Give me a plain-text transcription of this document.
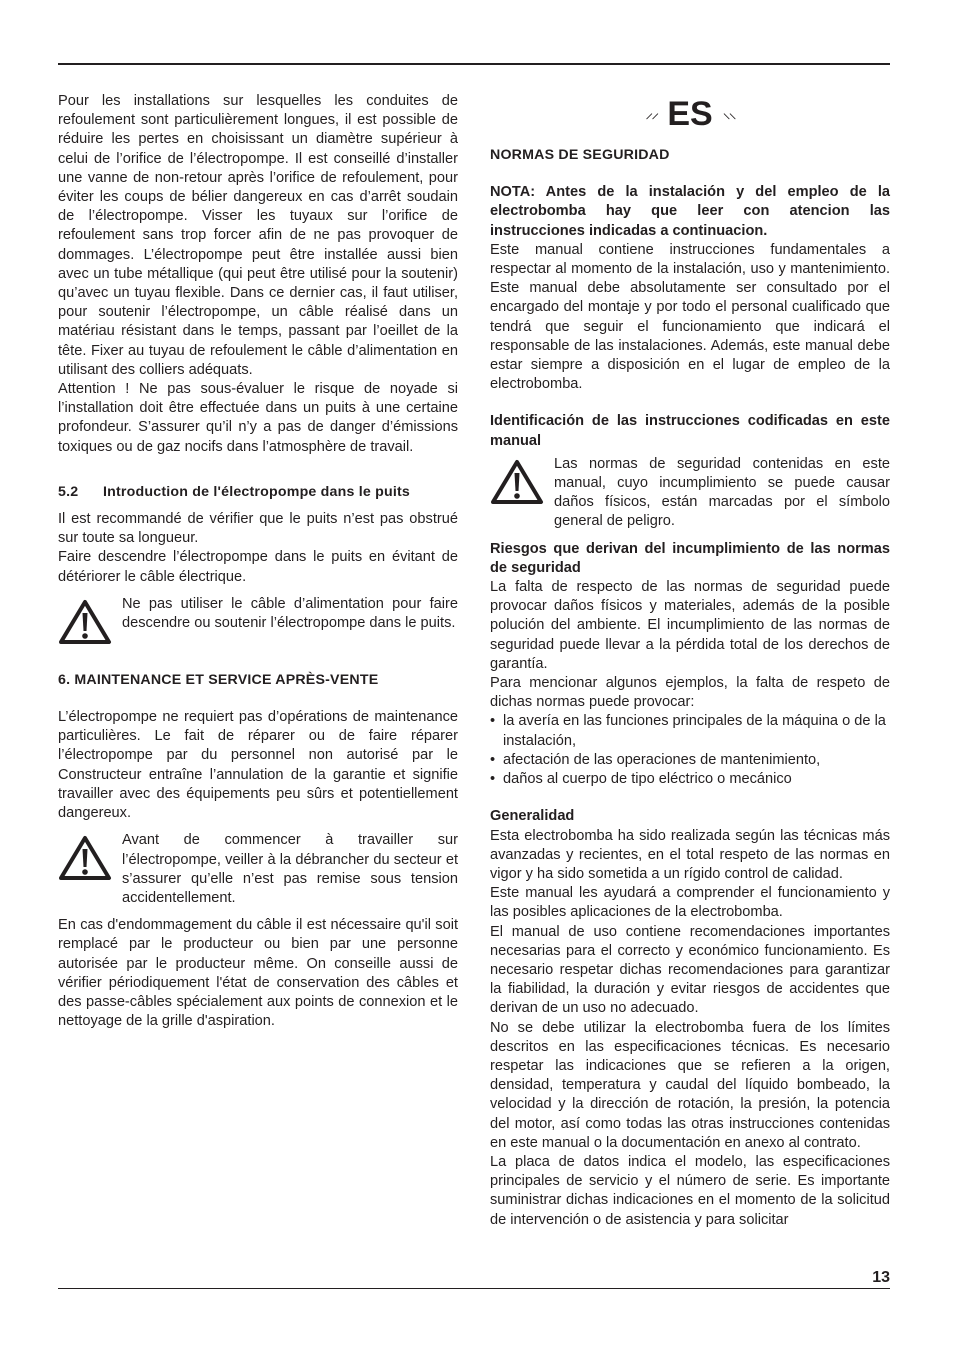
Pour les installations sur lesquelles les conduites de refoulement sont particulièrement longues, il est possible de réduire les pertes en choisissant un diamètre supérieur à celui de l’orifice de l’électropompe. Il est conseillé d’installer une vanne de non-retour après l’orifice de refoulement, pour éviter les coups de bélier dangereux en cas d’arrêt soudain de l’électropompe. Visser les tuyaux sur l’orifice de refoulement sans trop forcer afin de ne pas provoquer de dommages. L’électropompe peut être installée aussi bien avec un tube métallique (qui peut être utilisé pour la soutenir) qu’avec un tuyau flexible. Dans ce dernier cas, il faut utiliser, pour soutenir l’électropompe, un câble réalisé dans un matériau résistant dans le temps, passant par l’oeillet de la tête. Fixer au tuyau de refoulement le câble d’alimentation en utilisant des colliers adéquats.

Attention ! Ne pas sous-évaluer le risque de noyade si l’installation doit être effectuée dans un puits à une certaine profondeur. S’assurer qu’il n’y a pas de danger d’émissions toxiques ou de gaz nocifs dans l’atmosphère de travail.

5.2	Introduction de l'électropompe dans le puits

Il est recommandé de vérifier que le puits n’est pas obstrué sur toute sa longueur.

Faire descendre l’électropompe dans le puits en évitant de détériorer le câble électrique.

Ne pas utiliser le câble d’alimentation pour faire descendre ou soutenir l’électropompe dans le puits.

6. MAINTENANCE ET SERVICE APRÈS-VENTE

L’électropompe ne requiert pas d’opérations de maintenance particulières. Le fait de réparer ou de faire réparer l’électropompe par du personnel non autorisé par le Constructeur entraîne l’annulation de la garantie et signifie travailler avec des équipements peu sûrs et potentiellement dangereux.

Avant de commencer à travailler sur l’électropompe, veiller à la débrancher du secteur et s’assurer qu’elle n’est pas remise sous tension accidentellement.

En cas d'endommagement du câble il est nécessaire qu'il soit remplacé par le producteur ou bien par une personne autorisée par le producteur même. On conseille aussi de vérifier périodiquement l'état de conservation des câbles et des passe-câbles spécialement aux points de connexion et le nettoyage de la grille d'aspiration.

⸝⸝ ES ⸜⸜

NORMAS DE SEGURIDAD

NOTA: Antes de la instalación y del empleo de la electrobomba hay que leer con atencion las instrucciones indicadas a continuacion.

Este manual contiene instrucciones fundamentales a respectar al momento de la instalación, uso y mantenimiento. Este manual debe absolutamente ser consultado por el encargado del montaje y por todo el personal cualificado que tendrá que seguir el funcionamiento que indicará el responsable de las instalaciones. Además, este manual debe estar siempre a disposición en el lugar de empleo de la electrobomba.

Identificación de las instrucciones codificadas en este manual

Las normas de seguridad contenidas en este manual, cuyo incumplimiento se puede causar daños físicos, están marcadas por el símbolo general de peligro.

Riesgos que derivan del incumplimiento de las normas de seguridad

La falta de respecto de las normas de seguridad puede provocar daños físicos y materiales, además de la posible polución del ambiente. El incumplimiento de las normas de seguridad puede llevar a la pérdida total de los derechos de garantía.

Para mencionar algunos ejemplos, la falta de respeto de dichas normas puede provocar:

• la avería en las funciones principales de la máquina o de la instalación,
• afectación de las operaciones de mantenimiento,
• daños al cuerpo de tipo eléctrico o mecánico

Generalidad

Esta electrobomba ha sido realizada según las técnicas más avanzadas y recientes, en el total respeto de las normas en vigor y ha sido sometida a un rígido control de calidad.

Este manual les ayudará a comprender el funcionamiento y las posibles aplicaciones de la electrobomba.

El manual de uso contiene recomendaciones importantes necesarias para el correcto y económico funcionamiento. Es necesario respetar dichas recomendaciones para garantizar la fiabilidad, la duración y evitar riesgos de accidentes que derivan de un uso no adecuado.

No se debe utilizar la electrobomba fuera de los límites descritos en las especificaciones técnicas. Es necesario respetar las indicaciones que se refieren a la origen, densidad, temperatura y caudal del líquido bombeado, la velocidad y la dirección de rotación, la presión, la potencia del motor, así como todas las otras instrucciones contenidas en este manual o la documentación en anexo al contrato.

La placa de datos indica el modelo, las especificaciones principales de servicio y el número de serie. Es importante suministrar dichas indicaciones en el momento de la solicitud de intervención o de asistencia y para solicitar

13
